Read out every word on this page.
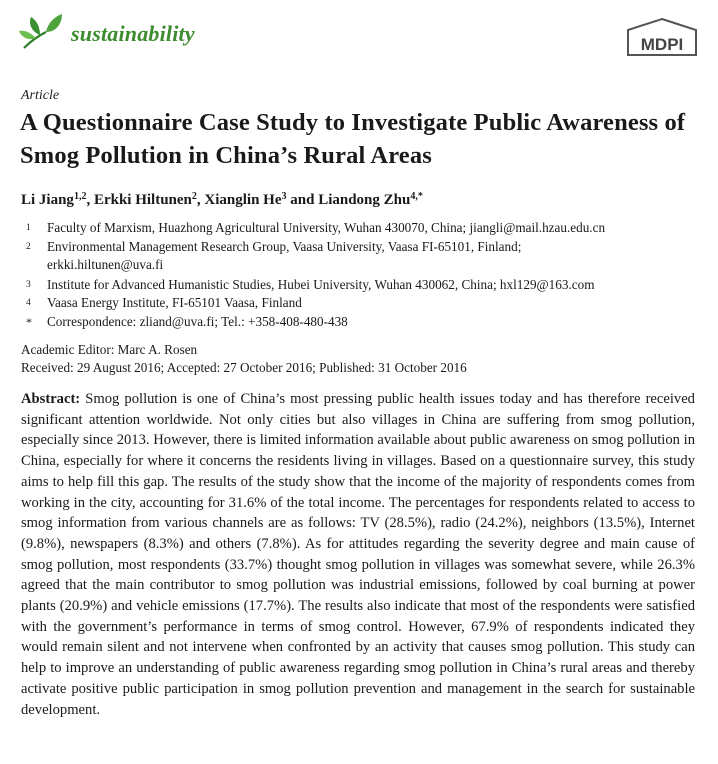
sustainability	MDPI
Article
A Questionnaire Case Study to Investigate Public Awareness of Smog Pollution in China’s Rural Areas
Li Jiang$^{1,2}$, Erkki Hiltunen$^2$, Xianglin He$^3$ and Liandong Zhu$^{4,*}$
1 Faculty of Marxism, Huazhong Agricultural University, Wuhan 430070, China; jiangli@mail.hzau.edu.cn
2 Environmental Management Research Group, Vaasa University, Vaasa FI-65101, Finland; erkki.hiltunen@uva.fi
3 Institute for Advanced Humanistic Studies, Hubei University, Wuhan 430062, China; hxl129@163.com
4 Vaasa Energy Institute, FI-65101 Vaasa, Finland
* Correspondence: zliand@uva.fi; Tel.: +358-408-480-438
Academic Editor: Marc A. Rosen
Received: 29 August 2016; Accepted: 27 October 2016; Published: 31 October 2016
Abstract: Smog pollution is one of China’s most pressing public health issues today and has therefore received significant attention worldwide. Not only cities but also villages in China are suffering from smog pollution, especially since 2013. However, there is limited information available about public awareness on smog pollution in China, especially for where it concerns the residents living in villages. Based on a questionnaire survey, this study aims to help fill this gap. The results of the study show that the income of the majority of respondents comes from working in the city, accounting for 31.6% of the total income. The percentages for respondents related to access to smog information from various channels are as follows: TV (28.5%), radio (24.2%), neighbors (13.5%), Internet (9.8%), newspapers (8.3%) and others (7.8%). As for attitudes regarding the severity degree and main cause of smog pollution, most respondents (33.7%) thought smog pollution in villages was somewhat severe, while 26.3% agreed that the main contributor to smog pollution was industrial emissions, followed by coal burning at power plants (20.9%) and vehicle emissions (17.7%). The results also indicate that most of the respondents were satisfied with the government’s performance in terms of smog control. However, 67.9% of respondents indicated they would remain silent and not intervene when confronted by an activity that causes smog pollution. This study can help to improve an understanding of public awareness regarding smog pollution in China’s rural areas and thereby activate positive public participation in smog pollution prevention and management in the search for sustainable development.
